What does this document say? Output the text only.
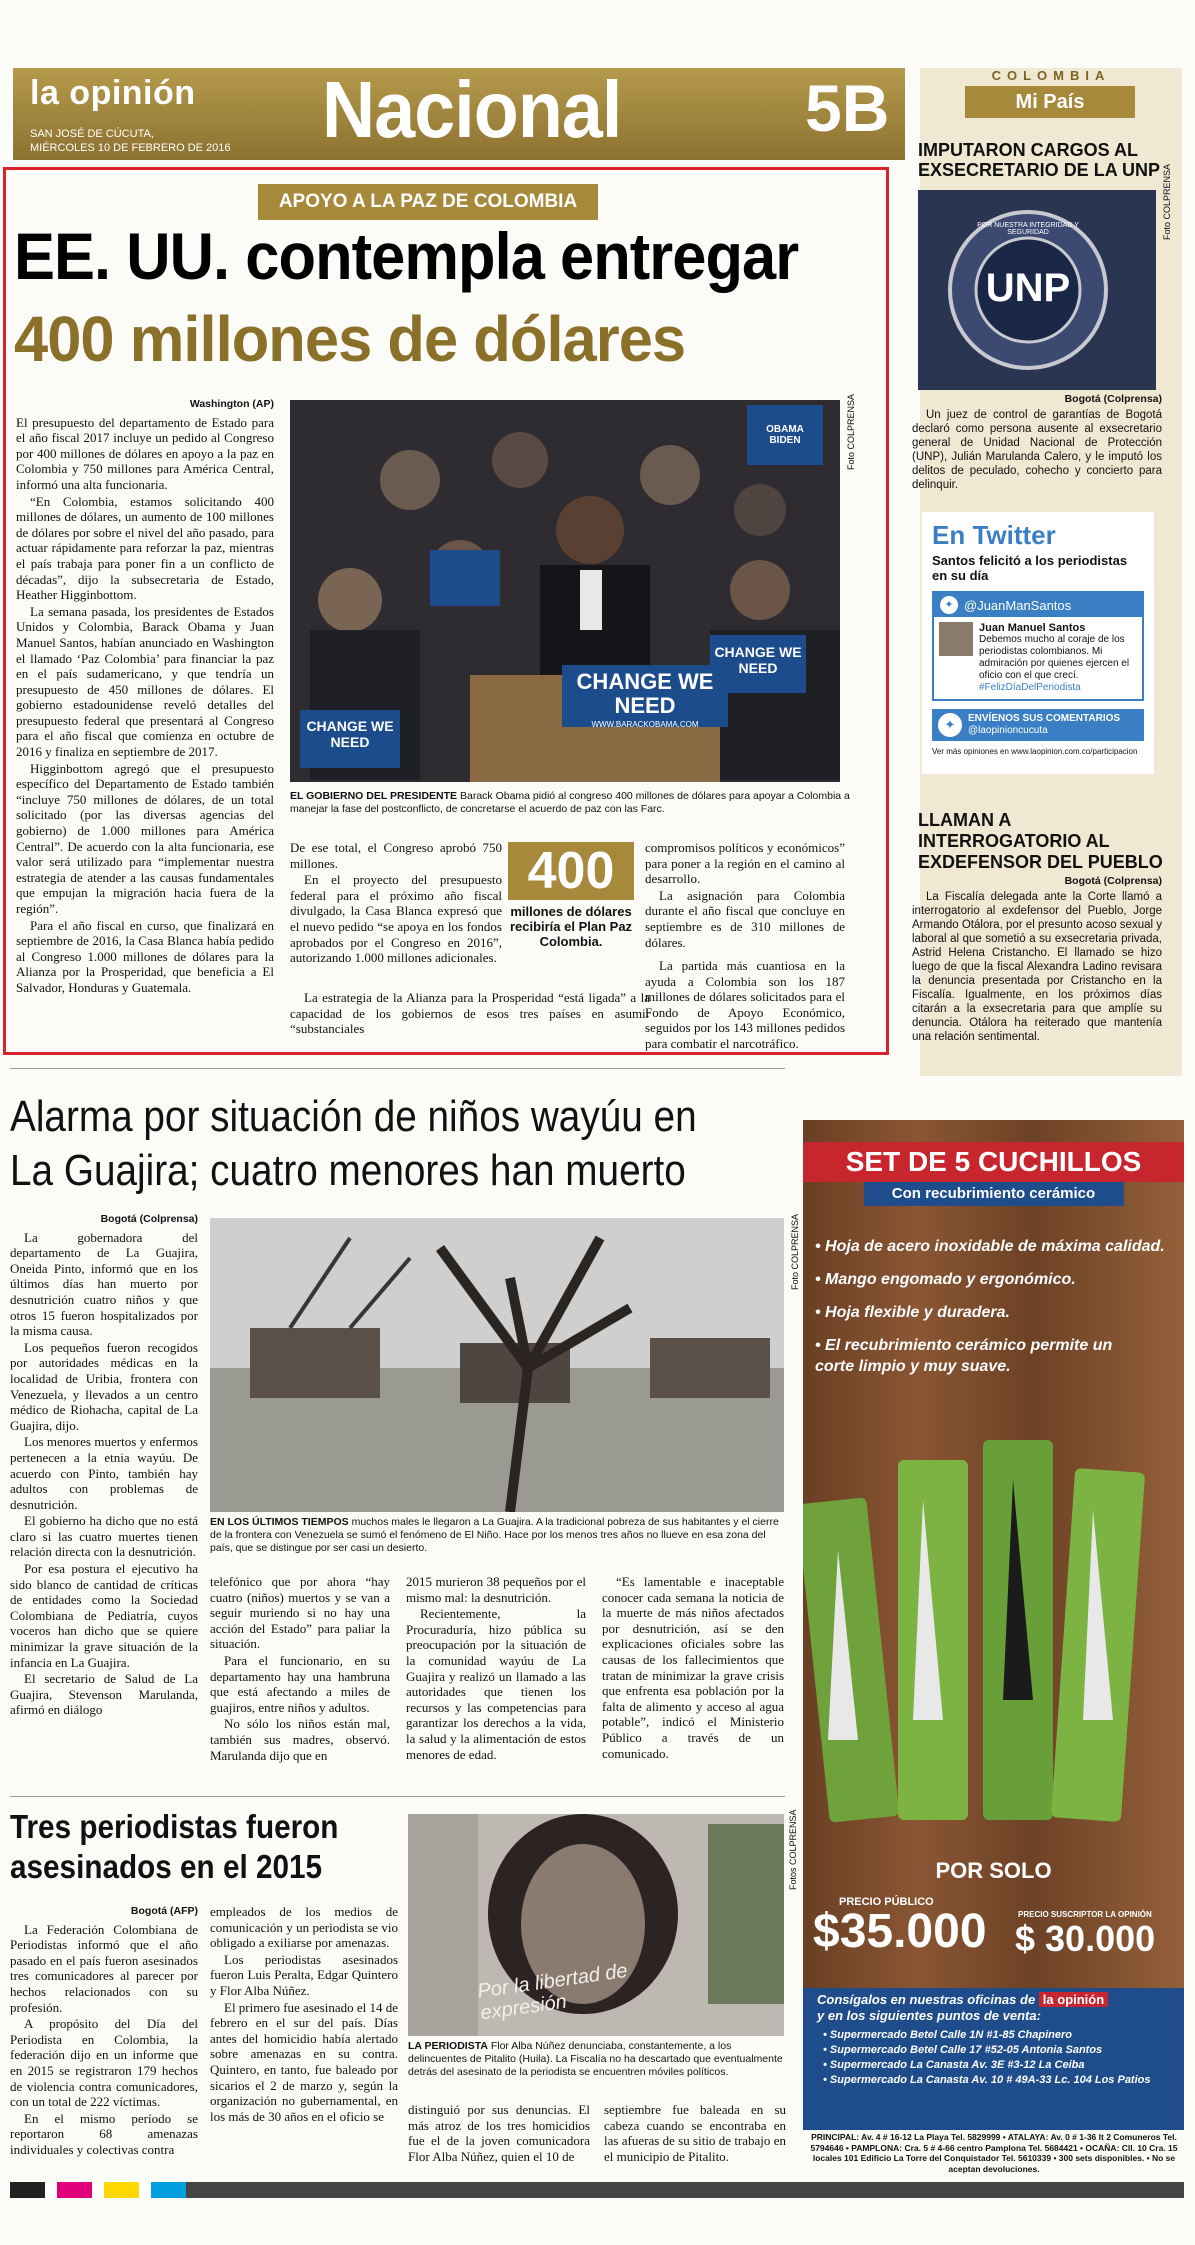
la opinión
SAN JOSÉ DE CÚCUTA,
MIÉRCOLES 10 DE FEBRERO DE 2016 Nacional	5B	COLOMBIA
Mi País
APOYO A LA PAZ DE COLOMBIA
EE. UU. contempla entregar
400 millones de dólares
Washington (AP)

El presupuesto del departamento de Estado para el año fiscal 2017 incluye un pedido al Congreso por 400 millones de dólares en apoyo a la paz en Colombia y 750 millones para América Central, informó una alta funcionaria.

“En Colombia, estamos solicitando 400 millones de dólares, un aumento de 100 millones de dólares por sobre el nivel del año pasado, para actuar rápidamente para reforzar la paz, mientras el país trabaja para poner fin a un conflicto de décadas”, dijo la subsecretaria de Estado, Heather Higginbottom.

La semana pasada, los presidentes de Estados Unidos y Colombia, Barack Obama y Juan Manuel Santos, habían anunciado en Washington el llamado ‘Paz Colombia’ para financiar la paz en el país sudamericano, y que tendría un presupuesto de 450 millones de dólares. El gobierno estadounidense reveló detalles del presupuesto federal que presentará al Congreso para el año fiscal que comienza en octubre de 2016 y finaliza en septiembre de 2017.

Higginbottom agregó que el presupuesto específico del Departamento de Estado también “incluye 750 millones de dólares, de un total solicitado (por las diversas agencias del gobierno) de 1.000 millones para América Central”. De acuerdo con la alta funcionaria, ese valor será utilizado para “implementar nuestra estrategia de atender a las causas fundamentales que empujan la migración hacia fuera de la región”.

Para el año fiscal en curso, que finalizará en septiembre de 2016, la Casa Blanca había pedido al Congreso 1.000 millones de dólares para la Alianza por la Prosperidad, que beneficia a El Salvador, Honduras y Guatemala.

OBAMA BIDEN
CHANGE WE NEED
WWW.BARACKOBAMA.COM
CHANGE WE NEED
CHANGE WE NEED
Foto COLPRENSA
EL GOBIERNO DEL PRESIDENTE Barack Obama pidió al congreso 400 millones de dólares para apoyar a Colombia a manejar la fase del postconflicto, de concretarse el acuerdo de paz con las Farc.

De ese total, el Congreso aprobó 750 millones.

En el proyecto del presupuesto federal para el próximo año fiscal divulgado, la Casa Blanca expresó que el nuevo pedido “se apoya en los fondos aprobados por el Congreso en 2016”, autorizando 1.000 millones adicionales.

La estrategia de la Alianza para la Prosperidad “está ligada” a la capacidad de los gobiernos de esos tres países en asumir “substanciales

400
millones de dólares recibiría el Plan Paz Colombia.

compromisos políticos y económicos” para poner a la región en el camino al desarrollo.

La asignación para Colombia durante el año fiscal que concluye en septiembre es de 310 millones de dólares.

La partida más cuantiosa en la ayuda a Colombia son los 187 millones de dólares solicitados para el Fondo de Apoyo Económico, seguidos por los 143 millones pedidos para combatir el narcotráfico.

IMPUTARON CARGOS AL EXSECRETARIO DE LA UNP
POR NUESTRA INTEGRIDAD Y SEGURIDAD
UNP
Foto COLPRENSA
Bogotá (Colprensa)

Un juez de control de garantías de Bogotá declaró como persona ausente al exsecretario general de Unidad Nacional de Protección (UNP), Julián Marulanda Calero, y le imputó los delitos de peculado, cohecho y concierto para delinquir.

En Twitter
Santos felicitó a los periodistas en su día
✦ @JuanManSantos
Juan Manuel Santos
Debemos mucho al coraje de los periodistas colombianos. Mi admiración por quienes ejercen el oficio con el que crecí.
#FelizDíaDelPeriodista
✦	ENVÍENOS SUS COMENTARIOS
@laopinioncucuta
Ver más opiniones en www.laopinion.com.co/participacion
LLAMAN A INTERROGATORIO AL EXDEFENSOR DEL PUEBLO
Bogotá (Colprensa)

La Fiscalía delegada ante la Corte llamó a interrogatorio al exdefensor del Pueblo, Jorge Armando Otálora, por el presunto acoso sexual y laboral al que sometió a su exsecretaria privada, Astrid Helena Cristancho. El llamado se hizo luego de que la fiscal Alexandra Ladino revisara la denuncia presentada por Cristancho en la Fiscalía. Igualmente, en los próximos días citarán a la exsecretaria para que amplíe su denuncia. Otálora ha reiterado que mantenía una relación sentimental.

Alarma por situación de niños wayúu en
La Guajira; cuatro menores han muerto
Bogotá (Colprensa)

La gobernadora del departamento de La Guajira, Oneida Pinto, informó que en los últimos días han muerto por desnutrición cuatro niños y que otros 15 fueron hospitalizados por la misma causa.

Los pequeños fueron recogidos por autoridades médicas en la localidad de Uribia, frontera con Venezuela, y llevados a un centro médico de Riohacha, capital de La Guajira, dijo.

Los menores muertos y enfermos pertenecen a la etnia wayúu. De acuerdo con Pinto, también hay adultos con problemas de desnutrición.

El gobierno ha dicho que no está claro si las cuatro muertes tienen relación directa con la desnutrición.

Por esa postura el ejecutivo ha sido blanco de cantidad de críticas de entidades como la Sociedad Colombiana de Pediatría, cuyos voceros han dicho que se quiere minimizar la grave situación de la infancia en La Guajira.

El secretario de Salud de La Guajira, Stevenson Marulanda, afirmó en diálogo

Foto COLPRENSA
EN LOS ÚLTIMOS TIEMPOS muchos males le llegaron a La Guajira. A la tradicional pobreza de sus habitantes y el cierre de la frontera con Venezuela se sumó el fenómeno de El Niño. Hace por los menos tres años no llueve en esa zona del país, que se distingue por ser casi un desierto.

telefónico que por ahora “hay cuatro (niños) muertos y se van a seguir muriendo si no hay una acción del Estado” para paliar la situación.

Para el funcionario, en su departamento hay una hambruna que está afectando a miles de guajiros, entre niños y adultos.

No sólo los niños están mal, también sus madres, observó. Marulanda dijo que en

2015 murieron 38 pequeños por el mismo mal: la desnutrición.

Recientemente, la Procuraduría, hizo pública su preocupación por la situación de la comunidad wayúu de La Guajira y realizó un llamado a las autoridades que tienen los recursos y las competencias para garantizar los derechos a la vida, la salud y la alimentación de estos menores de edad.

“Es lamentable e inaceptable conocer cada semana la noticia de la muerte de más niños afectados por desnutrición, así se den explicaciones oficiales sobre las causas de los fallecimientos que tratan de minimizar la grave crisis que enfrenta esa población por la falta de alimento y acceso al agua potable”, indicó el Ministerio Público a través de un comunicado.

Tres periodistas fueron
asesinados en el 2015
Bogotá (AFP)

La Federación Colombiana de Periodistas informó que el año pasado en el país fueron asesinados tres comunicadores al parecer por hechos relacionados con su profesión.

A propósito del Día del Periodista en Colombia, la federación dijo en un informe que en 2015 se registraron 179 hechos de violencia contra comunicadores, con un total de 222 víctimas.

En el mismo período se reportaron 68 amenazas individuales y colectivas contra

empleados de los medios de comunicación y un periodista se vio obligado a exiliarse por amenazas.

Los periodistas asesinados fueron Luis Peralta, Edgar Quintero y Flor Alba Núñez.

El primero fue asesinado el 14 de febrero en el sur del país. Días antes del homicidio había alertado sobre amenazas en su contra. Quintero, en tanto, fue baleado por sicarios el 2 de marzo y, según la organización no gubernamental, en los más de 30 años en el oficio se

Por la libertad de expresión
Fotos COLPRENSA
LA PERIODISTA Flor Alba Núñez denunciaba, constantemente, a los delincuentes de Pitalito (Huila). La Fiscalía no ha descartado que eventualmente detrás del asesinato de la periodista se encuentren móviles políticos.

distinguió por sus denuncias. El más atroz de los tres homicidios fue el de la joven comunicadora Flor Alba Núñez, quien el 10 de

septiembre fue baleada en su cabeza cuando se encontraba en las afueras de su sitio de trabajo en el municipio de Pitalito.

SET DE 5 CUCHILLOS
Con recubrimiento cerámico
• Hoja de acero inoxidable de máxima calidad.
• Mango engomado y ergonómico.
• Hoja flexible y duradera.
• El recubrimiento cerámico permite un corte limpio y muy suave.
POR SOLO
PRECIO PÚBLICO
$35.000	PRECIO SUSCRIPTOR LA OPINIÓN
$ 30.000
Consígalos en nuestras oficinas de la opinión
y en los siguientes puntos de venta:
• Supermercado Betel Calle 1N #1-85 Chapinero
• Supermercado Betel Calle 17 #52-05 Antonia Santos
• Supermercado La Canasta Av. 3E #3-12 La Ceiba
• Supermercado La Canasta Av. 10 # 49A-33 Lc. 104 Los Patios
PRINCIPAL: Av. 4 # 16-12 La Playa Tel. 5829999 • ATALAYA: Av. 0 # 1-36 lt 2 Comuneros Tel. 5794646 • PAMPLONA: Cra. 5 # 4-66 centro Pamplona Tel. 5684421 • OCAÑA: Cll. 10 Cra. 15 locales 101 Edificio La Torre del Conquistador Tel. 5610339 • 300 sets disponibles. • No se aceptan devoluciones.
